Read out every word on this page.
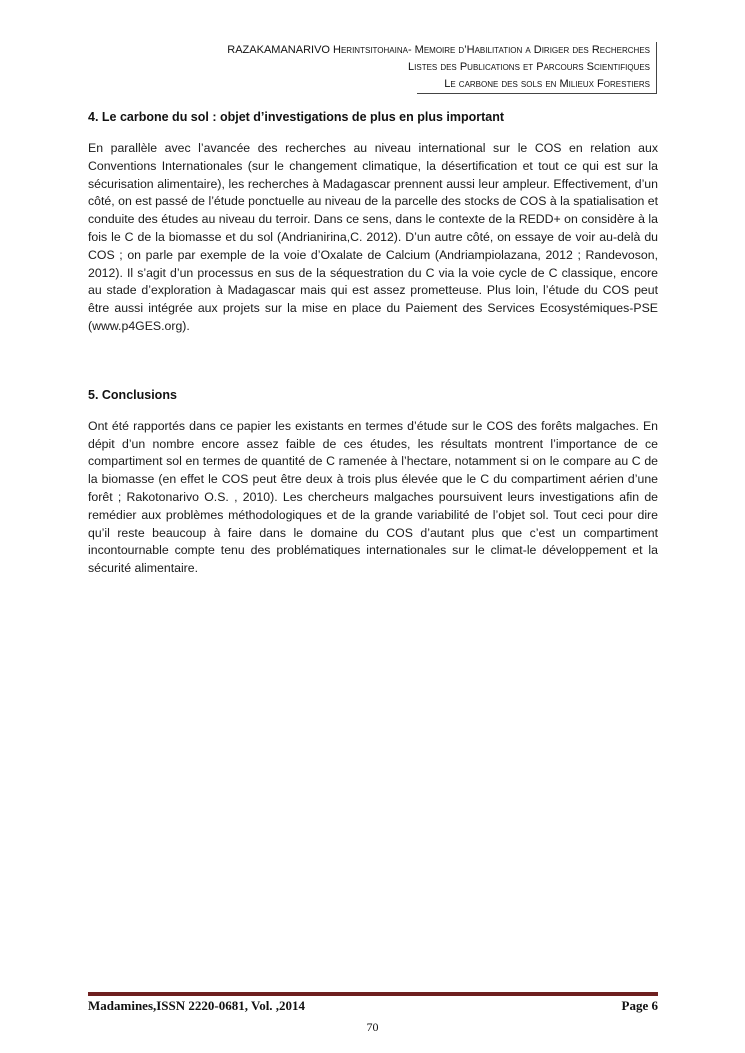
RAZAKAMANARIVO Herintsitohaina- Memoire d’Habilitation a Diriger des Recherches
Listes des Publications et Parcours Scientifiques
Le carbone des sols en Milieux Forestiers
4. Le carbone du sol : objet d’investigations de plus en plus important

En parallèle avec l’avancée des recherches au niveau international sur le COS en relation aux Conventions Internationales (sur le changement climatique, la désertification et tout ce qui est sur la sécurisation alimentaire), les recherches à Madagascar prennent aussi leur ampleur. Effectivement, d’un côté, on est passé de l’étude ponctuelle au niveau de la parcelle des stocks de COS à la spatialisation et conduite des études au niveau du terroir. Dans ce sens, dans le contexte de la REDD+ on considère à la fois le C de la biomasse et du sol (Andrianirina,C. 2012). D’un autre côté, on essaye de voir au-delà du COS ; on parle par exemple de la voie d’Oxalate de Calcium (Andriampiolazana, 2012 ; Randevoson, 2012). Il s’agit d’un processus en sus de la séquestration du C via la voie cycle de C classique, encore au stade d’exploration à Madagascar mais qui est assez prometteuse. Plus loin, l’étude du COS peut être aussi intégrée aux projets sur la mise en place du Paiement des Services Ecosystémiques-PSE (www.p4GES.org).

5. Conclusions

Ont été rapportés dans ce papier les existants en termes d’étude sur le COS des forêts malgaches. En dépit d’un nombre encore assez faible de ces études, les résultats montrent l’importance de ce compartiment sol en termes de quantité de C ramenée à l’hectare, notamment si on le compare au C de la biomasse (en effet le COS peut être deux à trois plus élevée que le C du compartiment aérien d’une forêt ; Rakotonarivo O.S. , 2010). Les chercheurs malgaches poursuivent leurs investigations afin de remédier aux problèmes méthodologiques et de la grande variabilité de l’objet sol. Tout ceci pour dire qu’il reste beaucoup à faire dans le domaine du COS d’autant plus que c’est un compartiment incontournable compte tenu des problématiques internationales sur le climat-le développement et la sécurité alimentaire.

Madamines,ISSN 2220-0681, Vol. ,2014	Page 6
70
